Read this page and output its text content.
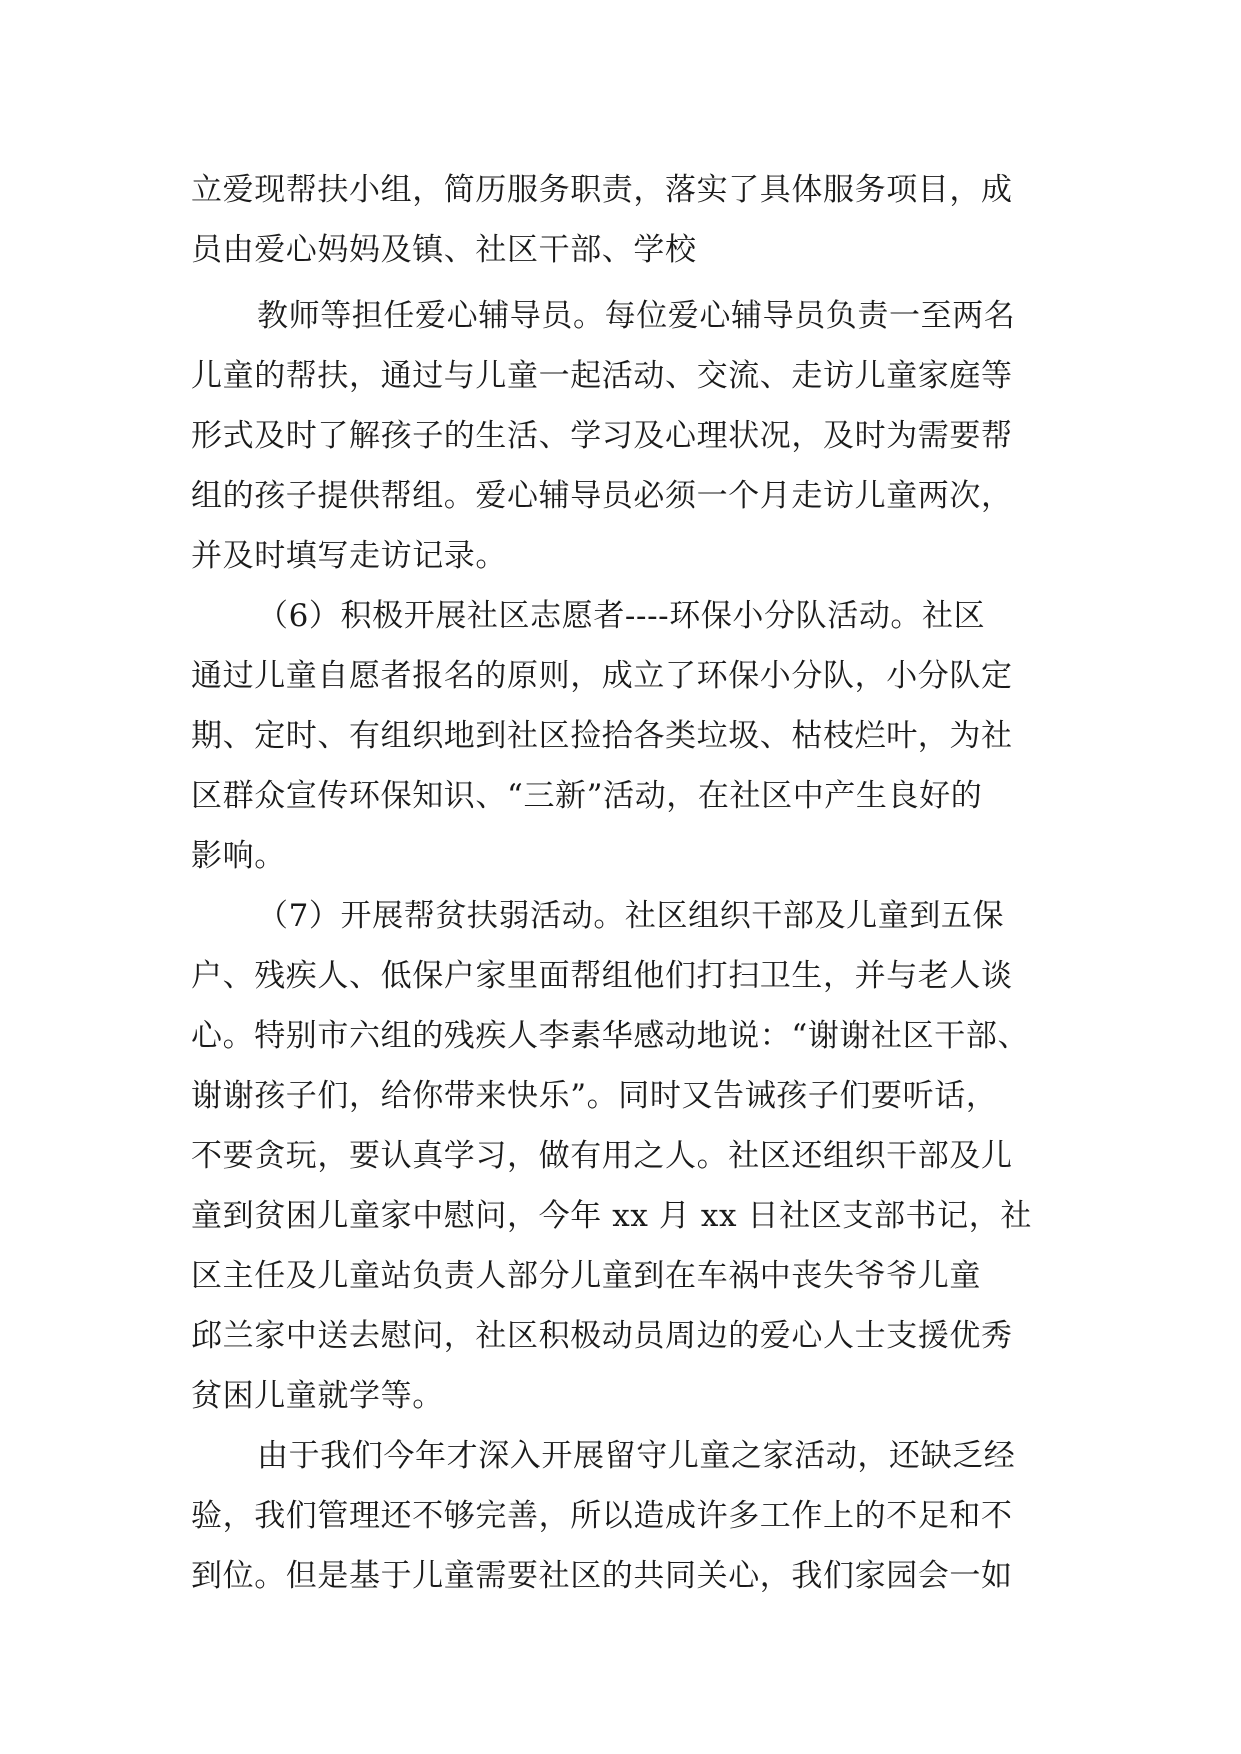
立爱现帮扶小组，简历服务职责，落实了具体服务项目，成
员由爱心妈妈及镇、社区干部、学校
教师等担任爱心辅导员。每位爱心辅导员负责一至两名
儿童的帮扶，通过与儿童一起活动、交流、走访儿童家庭等
形式及时了解孩子的生活、学习及心理状况，及时为需要帮
组的孩子提供帮组。爱心辅导员必须一个月走访儿童两次，
并及时填写走访记录。
（6）积极开展社区志愿者----环保小分队活动。社区
通过儿童自愿者报名的原则，成立了环保小分队，小分队定
期、定时、有组织地到社区捡拾各类垃圾、枯枝烂叶，为社
区群众宣传环保知识、“三新”活动，在社区中产生良好的
影响。
（7）开展帮贫扶弱活动。社区组织干部及儿童到五保
户、残疾人、低保户家里面帮组他们打扫卫生，并与老人谈
心。特别市六组的残疾人李素华感动地说：“谢谢社区干部、
谢谢孩子们，给你带来快乐”。同时又告诫孩子们要听话，
不要贪玩，要认真学习，做有用之人。社区还组织干部及儿
童到贫困儿童家中慰问，今年 xx 月 xx 日社区支部书记，社
区主任及儿童站负责人部分儿童到在车祸中丧失爷爷儿童
邱兰家中送去慰问，社区积极动员周边的爱心人士支援优秀
贫困儿童就学等。
由于我们今年才深入开展留守儿童之家活动，还缺乏经
验，我们管理还不够完善，所以造成许多工作上的不足和不
到位。但是基于儿童需要社区的共同关心，我们家园会一如
